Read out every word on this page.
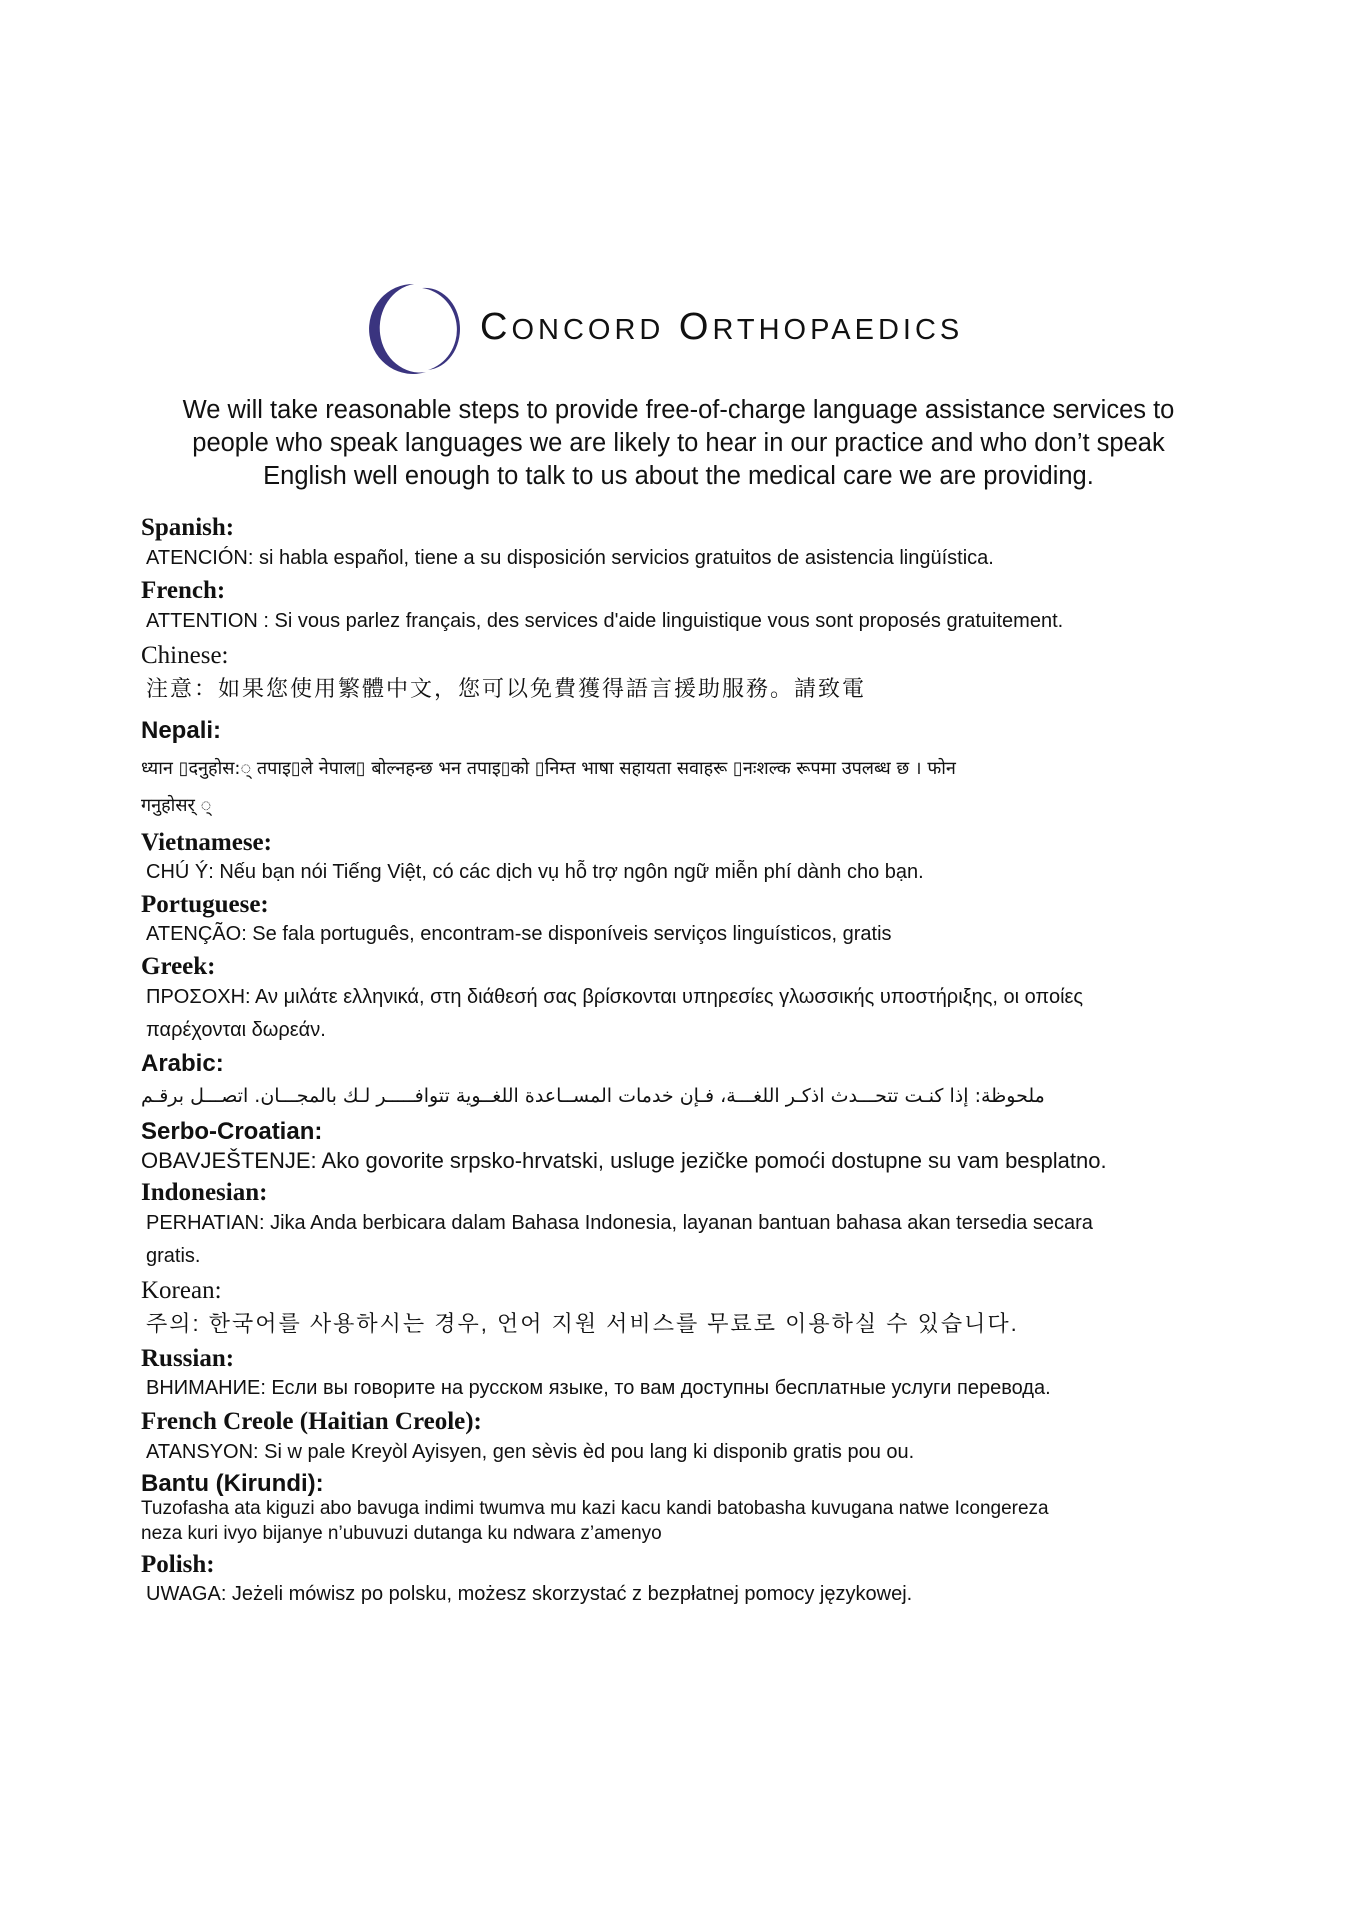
CONCORD ORTHOPAEDICS
We will take reasonable steps to provide free-of-charge language assistance services to
people who speak languages we are likely to hear in our practice and who don’t speak
English well enough to talk to us about the medical care we are providing.
Spanish:
ATENCIÓN: si habla español, tiene a su disposición servicios gratuitos de asistencia lingüística.
French:
ATTENTION : Si vous parlez français, des services d'aide linguistique vous sont proposés gratuitement.
Chinese:
注意：如果您使用繁體中文，您可以免費獲得語言援助服務。請致電
Nepali:
ध्यान ▯दनुहोस:◌् तपाइ▯ले नेपाल▯ बोल्नहन्छ भन तपाइ▯को ▯निम्त भाषा सहायता सवाहरू ▯नःशल्क रूपमा उपलब्ध छ । फोन
गनुहोसर् ◌्
Vietnamese:
CHÚ Ý: Nếu bạn nói Tiếng Việt, có các dịch vụ hỗ trợ ngôn ngữ miễn phí dành cho bạn.
Portuguese:
ATENÇÃO: Se fala português, encontram-se disponíveis serviços linguísticos, gratis
Greek:
ΠΡΟΣΟΧΗ: Αν μιλάτε ελληνικά, στη διάθεσή σας βρίσκονται υπηρεσίες γλωσσικής υποστήριξης, οι οποίες
παρέχονται δωρεάν.
Arabic:
ملحوظة: إذا كنـت تتحـــدث اذكـر اللغـــة، فـإن خدمات المســاعدة اللغــوية تتوافـــــر لـك بالمجـــان. اتصـــل برقـم
Serbo-Croatian:
OBAVJEŠTENJE: Ako govorite srpsko-hrvatski, usluge jezičke pomoći dostupne su vam besplatno.
Indonesian:
PERHATIAN: Jika Anda berbicara dalam Bahasa Indonesia, layanan bantuan bahasa akan tersedia secara
gratis.
Korean:
주의: 한국어를 사용하시는 경우, 언어 지원 서비스를 무료로 이용하실 수 있습니다.
Russian:
ВНИМАНИЕ: Если вы говорите на русском языке, то вам доступны бесплатные услуги перевода.
French Creole (Haitian Creole):
ATANSYON: Si w pale Kreyòl Ayisyen, gen sèvis èd pou lang ki disponib gratis pou ou.
Bantu (Kirundi):
Tuzofasha ata kiguzi abo bavuga indimi twumva mu kazi kacu kandi batobasha kuvugana natwe Icongereza
neza kuri ivyo bijanye n’ubuvuzi dutanga ku ndwara z’amenyo
Polish:
UWAGA: Jeżeli mówisz po polsku, możesz skorzystać z bezpłatnej pomocy językowej.
